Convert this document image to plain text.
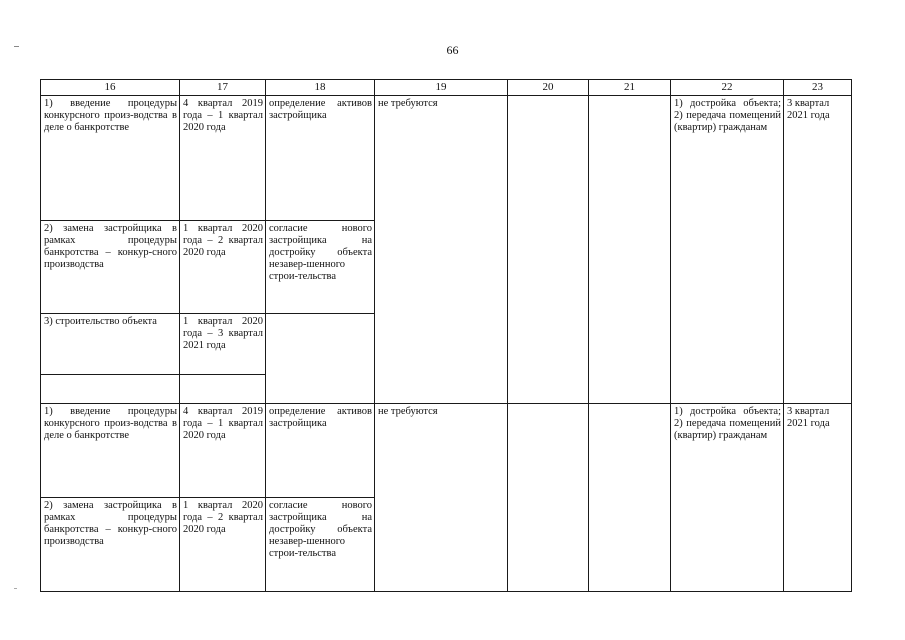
66
16	17	18	19	20	21	22	23
1) введение процедуры конкурсного произ-водства в деле о банкротстве	4 квартал 2019 года – 1 квартал 2020 года	определение активов застройщика	не требуются			1) достройка объекта; 2) передача помещений (квартир) гражданам	3 квартал 2021 года
2) замена застройщика в рамках процедуры банкротства – конкур-сного производства	1 квартал 2020 года – 2 квартал 2020 года	согласие нового застройщика на достройку объекта незавер-шенного строи-тельства					
3) строительство объекта	1 квартал 2020 года – 3 квартал 2021 года						

1) введение процедуры конкурсного произ-водства в деле о банкротстве	4 квартал 2019 года – 1 квартал 2020 года	определение активов застройщика	не требуются			1) достройка объекта; 2) передача помещений (квартир) гражданам	3 квартал 2021 года
2) замена застройщика в рамках процедуры банкротства – конкур-сного производства	1 квартал 2020 года – 2 квартал 2020 года	согласие нового застройщика на достройку объекта незавер-шенного строи-тельства					
